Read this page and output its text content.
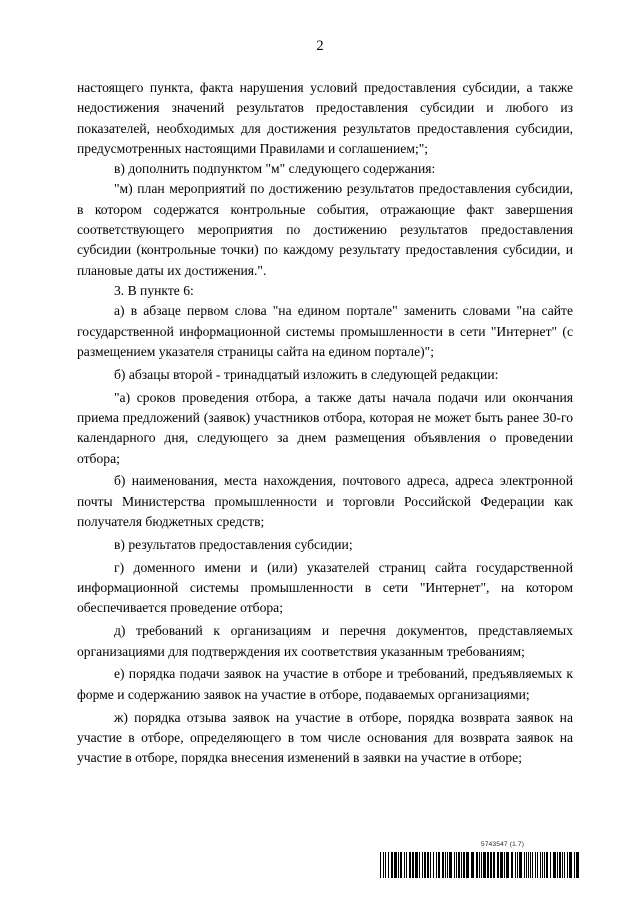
2

настоящего пункта, факта нарушения условий предоставления субсидии, а также недостижения значений результатов предоставления субсидии и любого из показателей, необходимых для достижения результатов предоставления субсидии, предусмотренных настоящими Правилами и соглашением;";

в) дополнить подпунктом "м" следующего содержания:

"м) план мероприятий по достижению результатов предоставления субсидии, в котором содержатся контрольные события, отражающие факт завершения соответствующего мероприятия по достижению результатов предоставления субсидии (контрольные точки) по каждому результату предоставления субсидии, и плановые даты их достижения.".

3. В пункте 6:

а) в абзаце первом слова "на едином портале" заменить словами "на сайте государственной информационной системы промышленности в сети "Интернет" (с размещением указателя страницы сайта на едином портале)";

б) абзацы второй - тринадцатый изложить в следующей редакции:

"а) сроков проведения отбора, а также даты начала подачи или окончания приема предложений (заявок) участников отбора, которая не может быть ранее 30-го календарного дня, следующего за днем размещения объявления о проведении отбора;

б) наименования, места нахождения, почтового адреса, адреса электронной почты Министерства промышленности и торговли Российской Федерации как получателя бюджетных средств;

в) результатов предоставления субсидии;

г) доменного имени и (или) указателей страниц сайта государственной информационной системы промышленности в сети "Интернет", на котором обеспечивается проведение отбора;

д) требований к организациям и перечня документов, представляемых организациями для подтверждения их соответствия указанным требованиям;

е) порядка подачи заявок на участие в отборе и требований, предъявляемых к форме и содержанию заявок на участие в отборе, подаваемых организациями;

ж) порядка отзыва заявок на участие в отборе, порядка возврата заявок на участие в отборе, определяющего в том числе основания для возврата заявок на участие в отборе, порядка внесения изменений в заявки на участие в отборе;

5743547 (1.7)
